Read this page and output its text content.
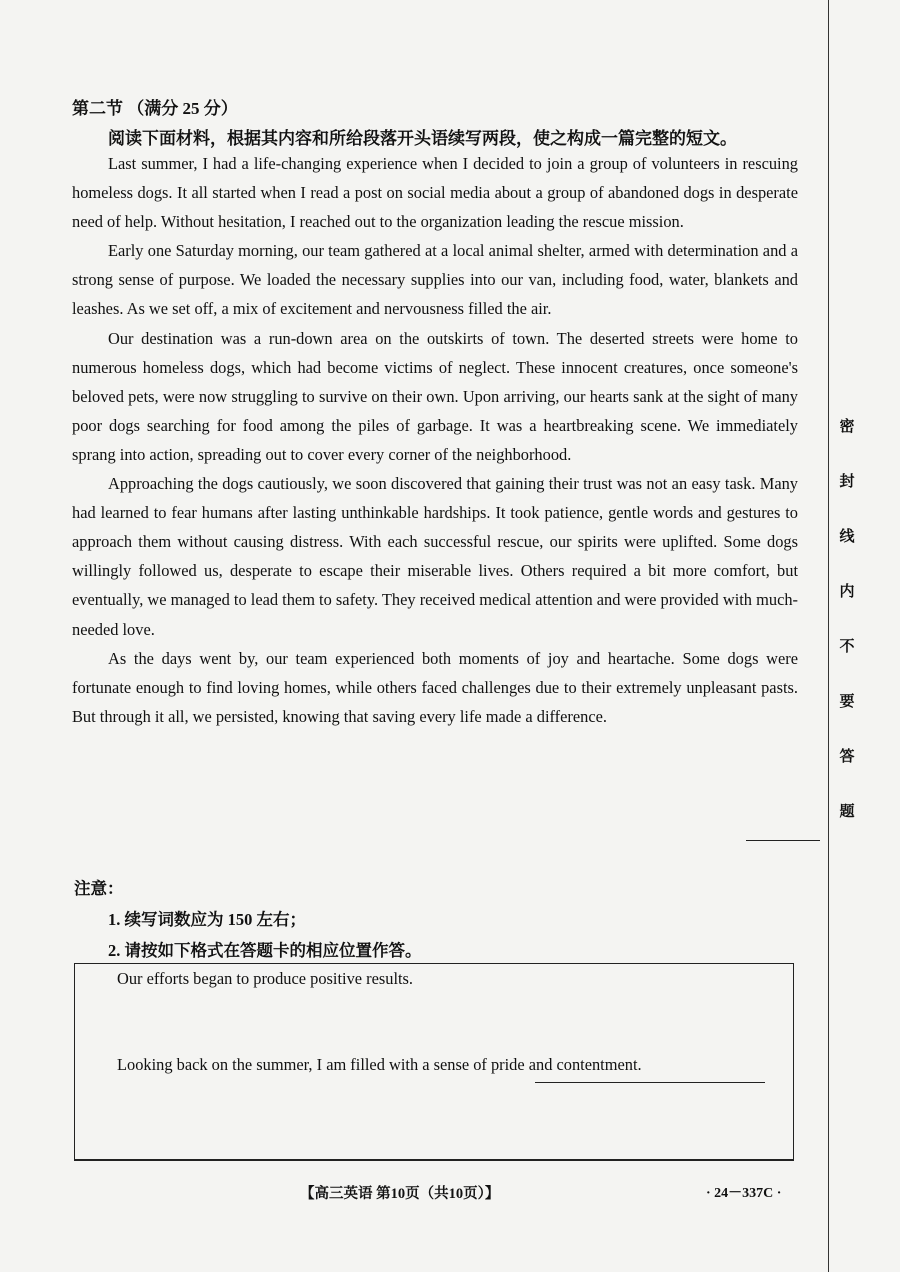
第二节 （满分 25 分）
阅读下面材料，根据其内容和所给段落开头语续写两段，使之构成一篇完整的短文。

Last summer, I had a life-changing experience when I decided to join a group of volunteers in rescuing homeless dogs. It all started when I read a post on social media about a group of abandoned dogs in desperate need of help. Without hesitation, I reached out to the organization leading the rescue mission.

Early one Saturday morning, our team gathered at a local animal shelter, armed with determination and a strong sense of purpose. We loaded the necessary supplies into our van, including food, water, blankets and leashes. As we set off, a mix of excitement and nervousness filled the air.

Our destination was a run-down area on the outskirts of town. The deserted streets were home to numerous homeless dogs, which had become victims of neglect. These innocent creatures, once someone's beloved pets, were now struggling to survive on their own. Upon arriving, our hearts sank at the sight of many poor dogs searching for food among the piles of garbage. It was a heartbreaking scene. We immediately sprang into action, spreading out to cover every corner of the neighborhood.

Approaching the dogs cautiously, we soon discovered that gaining their trust was not an easy task. Many had learned to fear humans after lasting unthinkable hardships. It took patience, gentle words and gestures to approach them without causing distress. With each successful rescue, our spirits were uplifted. Some dogs willingly followed us, desperate to escape their miserable lives. Others required a bit more comfort, but eventually, we managed to lead them to safety. They received medical attention and were provided with much-needed love.

As the days went by, our team experienced both moments of joy and heartache. Some dogs were fortunate enough to find loving homes, while others faced challenges due to their extremely unpleasant pasts. But through it all, we persisted, knowing that saving every life made a difference.

注意：
1. 续写词数应为 150 左右；
2. 请按如下格式在答题卡的相应位置作答。
Our efforts began to produce positive results.
Looking back on the summer, I am filled with a sense of pride and contentment.
【高三英语 第10页（共10页）】	· 24－337C ·
密
封
线
内
不
要
答
题
